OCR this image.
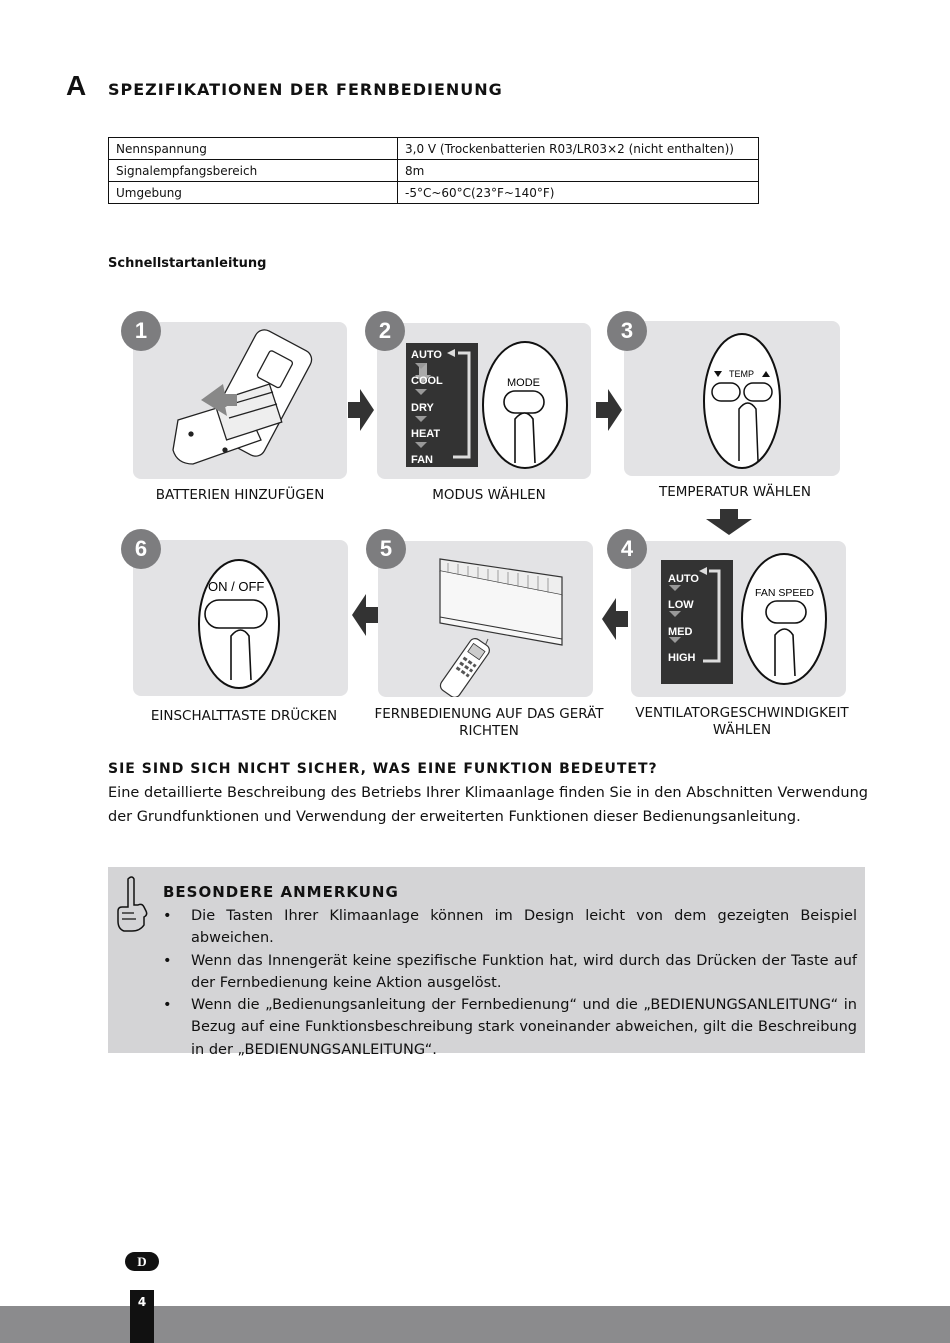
A SPEZIFIKATIONEN DER FERNBEDIENUNG
Nennspannung	3,0 V (Trockenbatterien R03/LR03×2 (nicht enthalten))
Signalempfangsbereich	8m
Umgebung	-5°C~60°C(23°F~140°F)
Schnellstartanleitung
1
BATTERIEN HINZUFÜGEN
AUTO
COOL
DRY
HEAT
FAN
MODE
2
MODUS WÄHLEN
TEMP
3
TEMPERATUR WÄHLEN
ON / OFF
6
EINSCHALTTASTE DRÜCKEN
5
FERNBEDIENUNG AUF DAS GERÄT RICHTEN
AUTO
LOW
MED
HIGH
FAN SPEED
4
VENTILATORGESCHWINDIGKEIT WÄHLEN
SIE SIND SICH NICHT SICHER, WAS EINE FUNKTION BEDEUTET?
Eine detaillierte Beschreibung des Betriebs Ihrer Klimaanlage finden Sie in den Abschnitten Verwendung der Grundfunktionen und Verwendung der erweiterten Funktionen dieser Bedienungsanleitung.
BESONDERE ANMERKUNG
• Die Tasten Ihrer Klimaanlage können im Design leicht von dem gezeigten Beispiel abweichen.
• Wenn das Innengerät keine spezifische Funktion hat, wird durch das Drücken der Taste auf der Fernbedienung keine Aktion ausgelöst.
• Wenn die „Bedienungsanleitung der Fernbedienung“ und die „BEDIENUNGSANLEITUNG“ in Bezug auf eine Funktionsbeschreibung stark voneinander abweichen, gilt die Beschreibung in der „BEDIENUNGSANLEITUNG“.
D
4
